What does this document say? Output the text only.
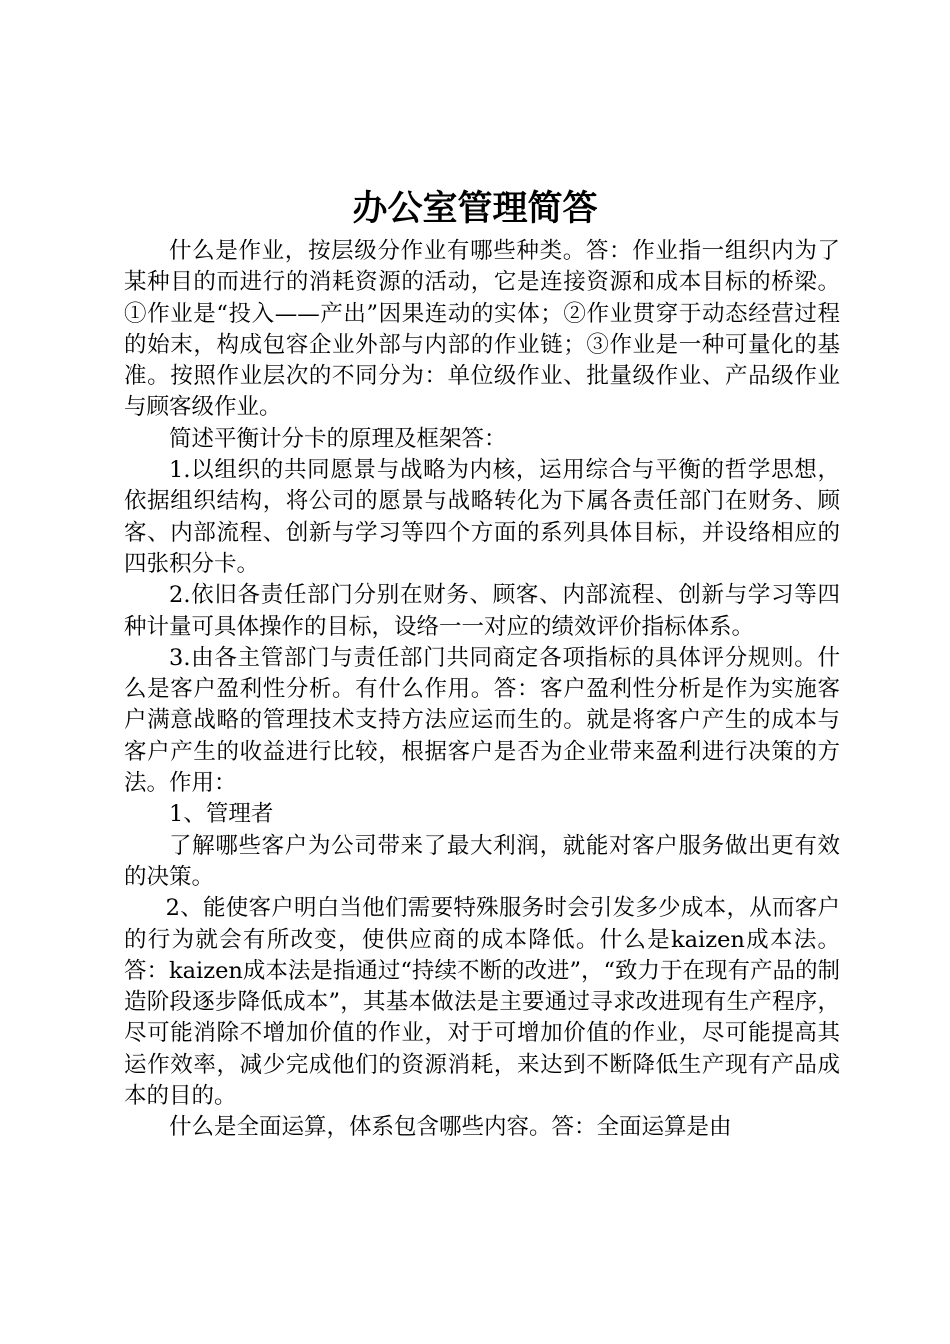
办公室管理简答

什么是作业，按层级分作业有哪些种类。答：作业指一组织内为了某种目的而进行的消耗资源的活动，它是连接资源和成本目标的桥梁。①作业是“投入——产出”因果连动的实体；②作业贯穿于动态经营过程的始末，构成包容企业外部与内部的作业链；③作业是一种可量化的基准。按照作业层次的不同分为：单位级作业、批量级作业、产品级作业与顾客级作业。

简述平衡计分卡的原理及框架答：

1.以组织的共同愿景与战略为内核，运用综合与平衡的哲学思想，依据组织结构，将公司的愿景与战略转化为下属各责任部门在财务、顾客、内部流程、创新与学习等四个方面的系列具体目标，并设络相应的四张积分卡。

2.依旧各责任部门分别在财务、顾客、内部流程、创新与学习等四种计量可具体操作的目标，设络一一对应的绩效评价指标体系。

3.由各主管部门与责任部门共同商定各项指标的具体评分规则。什么是客户盈利性分析。有什么作用。答：客户盈利性分析是作为实施客户满意战略的管理技术支持方法应运而生的。就是将客户产生的成本与客户产生的收益进行比较，根据客户是否为企业带来盈利进行决策的方法。作用：

1、管理者

了解哪些客户为公司带来了最大利润，就能对客户服务做出更有效的决策。

2、能使客户明白当他们需要特殊服务时会引发多少成本，从而客户的行为就会有所改变，使供应商的成本降低。什么是kaizen成本法。答：kaizen成本法是指通过“持续不断的改进”，“致力于在现有产品的制造阶段逐步降低成本”，其基本做法是主要通过寻求改进现有生产程序，尽可能消除不增加价值的作业，对于可增加价值的作业，尽可能提高其运作效率，减少完成他们的资源消耗，来达到不断降低生产现有产品成本的目的。

什么是全面运算，体系包含哪些内容。答：全面运算是由
